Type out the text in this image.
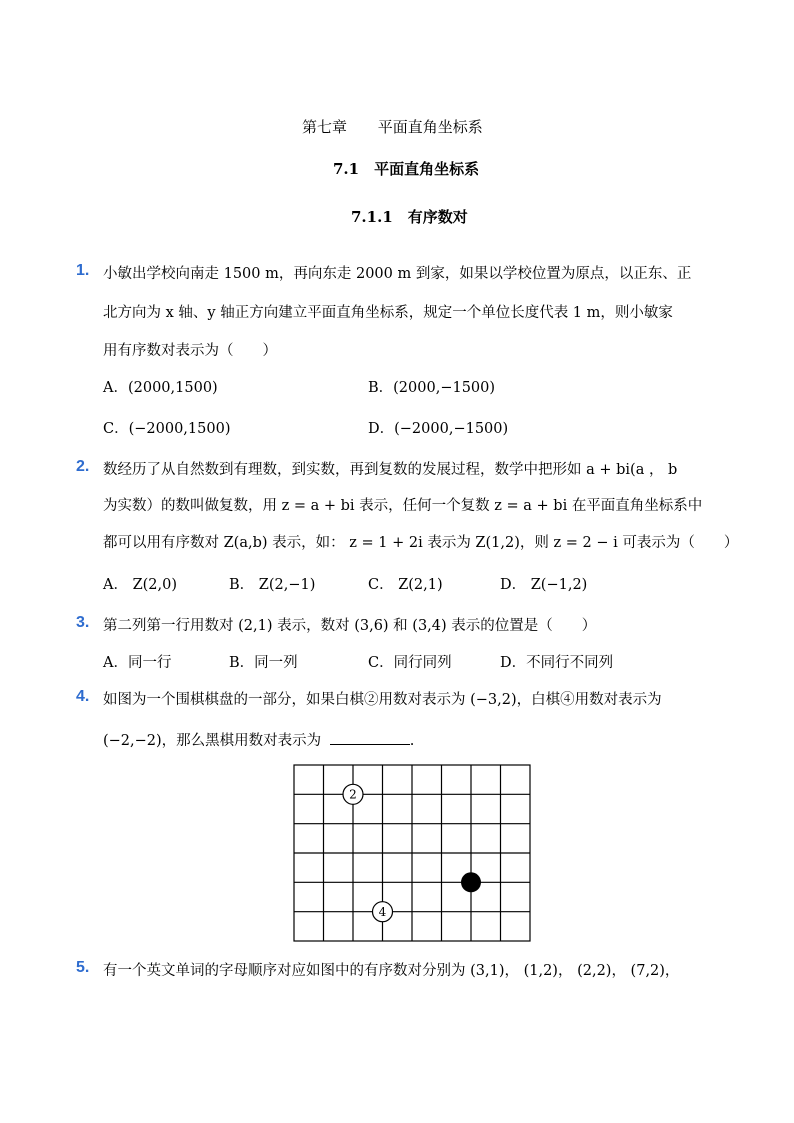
第七章 平面直角坐标系
7.1　平面直角坐标系
7.1.1　有序数对
1. 小敏出学校向南走 1500 m，再向东走 2000 m 到家，如果以学校位置为原点，以正东、正
北方向为 x 轴、y 轴正方向建立平面直角坐标系，规定一个单位长度代表 1 m，则小敏家
用有序数对表示为（　　）
A．(2000,1500)	B．(2000,−1500)
C．(−2000,1500)	D．(−2000,−1500)
2. 数经历了从自然数到有理数，到实数，再到复数的发展过程，数学中把形如 a + bi(a ， b
为实数）的数叫做复数，用 z = a + bi 表示，任何一个复数 z = a + bi 在平面直角坐标系中
都可以用有序数对 Z(a,b) 表示，如： z = 1 + 2i 表示为 Z(1,2)，则 z = 2 − i 可表示为（　　）
A． Z(2,0)	B． Z(2,−1)	C． Z(2,1)	D． Z(−1,2)
3. 第二列第一行用数对 (2,1) 表示，数对 (3,6) 和 (3,4) 表示的位置是（　　）
A．同一行	B．同一列	C．同行同列	D．不同行不同列
4. 如图为一个围棋棋盘的一部分，如果白棋②用数对表示为 (−3,2)，白棋④用数对表示为
(−2,−2)，那么黑棋用数对表示为	.
2
4
5. 有一个英文单词的字母顺序对应如图中的有序数对分别为 (3,1)， (1,2)， (2,2)， (7,2)，
